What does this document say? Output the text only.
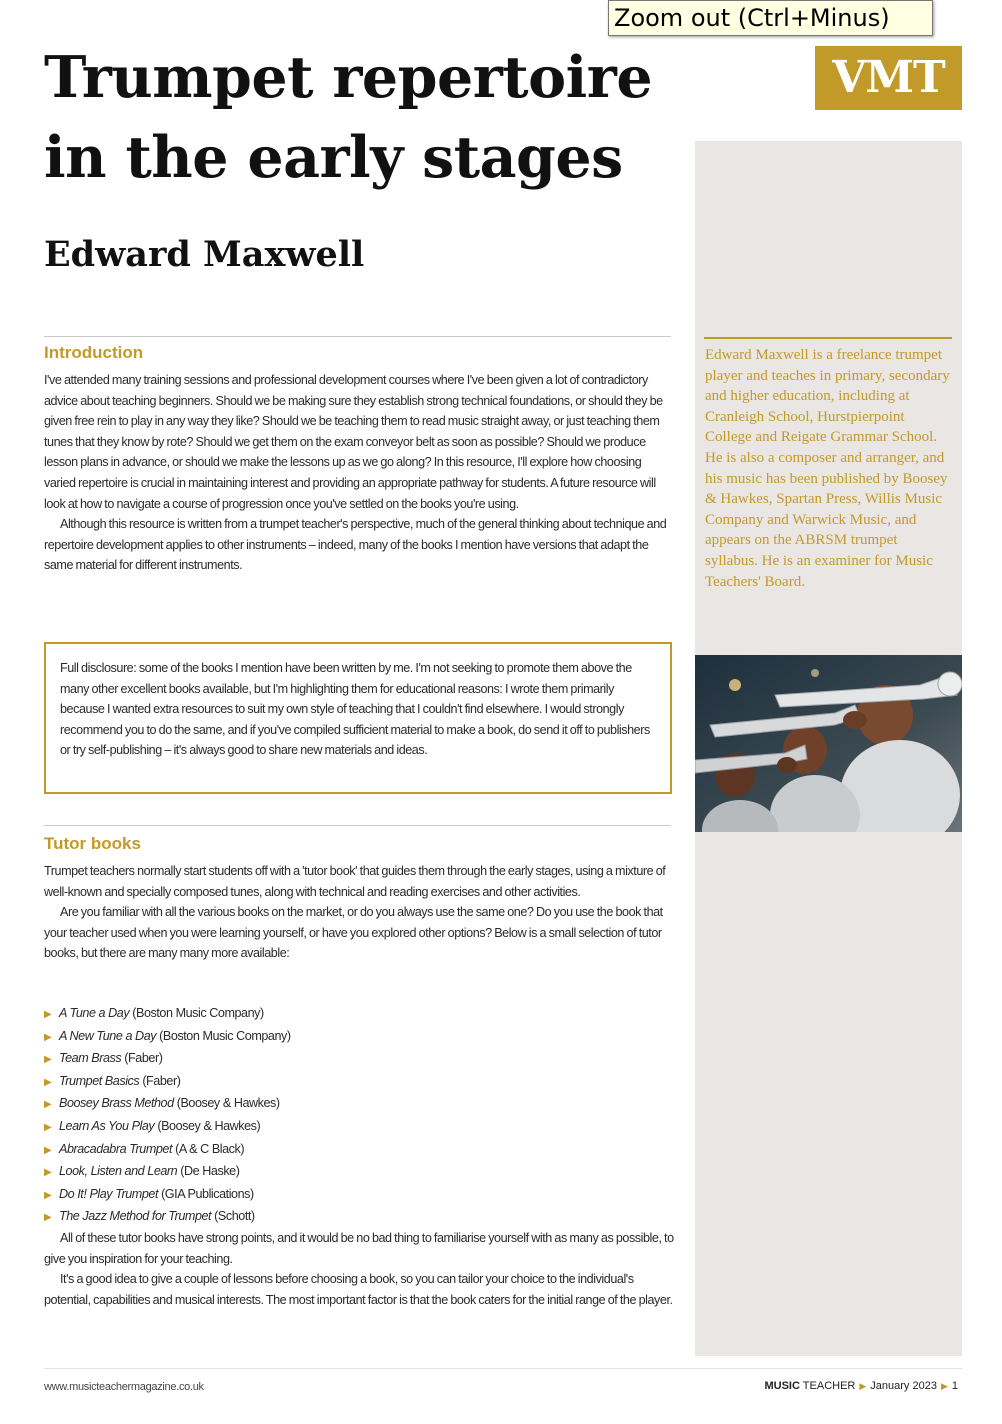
Zoom out (Ctrl+Minus)
Trumpet repertoire in the early stages
Edward Maxwell
VMT
Edward Maxwell is a freelance trumpet player and teaches in primary, secondary and higher education, including at Cranleigh School, Hurstpierpoint College and Reigate Grammar School. He is also a composer and arranger, and his music has been published by Boosey & Hawkes, Spartan Press, Willis Music Company and Warwick Music, and appears on the ABRSM trumpet syllabus. He is an examiner for Music Teachers' Board.
Introduction

I've attended many training sessions and professional development courses where I've been given a lot of contradictory advice about teaching beginners. Should we be making sure they establish strong technical foundations, or should they be given free rein to play in any way they like? Should we be teaching them to read music straight away, or just teaching them tunes that they know by rote? Should we get them on the exam conveyor belt as soon as possible? Should we produce lesson plans in advance, or should we make the lessons up as we go along? In this resource, I'll explore how choosing varied repertoire is crucial in maintaining interest and providing an appropriate pathway for students. A future resource will look at how to navigate a course of progression once you've settled on the books you're using.

Although this resource is written from a trumpet teacher's perspective, much of the general thinking about technique and repertoire development applies to other instruments – indeed, many of the books I mention have versions that adapt the same material for different instruments.

Full disclosure: some of the books I mention have been written by me. I'm not seeking to promote them above the many other excellent books available, but I'm highlighting them for educational reasons: I wrote them primarily because I wanted extra resources to suit my own style of teaching that I couldn't find elsewhere. I would strongly recommend you to do the same, and if you've compiled sufficient material to make a book, do send it off to publishers or try self-publishing – it's always good to share new materials and ideas.
Tutor books

Trumpet teachers normally start students off with a 'tutor book' that guides them through the early stages, using a mixture of well-known and specially composed tunes, along with technical and reading exercises and other activities.

Are you familiar with all the various books on the market, or do you always use the same one? Do you use the book that your teacher used when you were learning yourself, or have you explored other options? Below is a small selection of tutor books, but there are many many more available:

▶ A Tune a Day (Boston Music Company)
▶ A New Tune a Day (Boston Music Company)
▶ Team Brass (Faber)
▶ Trumpet Basics (Faber)
▶ Boosey Brass Method (Boosey & Hawkes)
▶ Learn As You Play (Boosey & Hawkes)
▶ Abracadabra Trumpet (A & C Black)
▶ Look, Listen and Learn (De Haske)
▶ Do It! Play Trumpet (GIA Publications)
▶ The Jazz Method for Trumpet (Schott)

All of these tutor books have strong points, and it would be no bad thing to familiarise yourself with as many as possible, to give you inspiration for your teaching.

It's a good idea to give a couple of lessons before choosing a book, so you can tailor your choice to the individual's potential, capabilities and musical interests. The most important factor is that the book caters for the initial range of the player.

www.musicteachermagazine.co.uk	MUSIC TEACHER ▶ January 2023 ▶ 1
